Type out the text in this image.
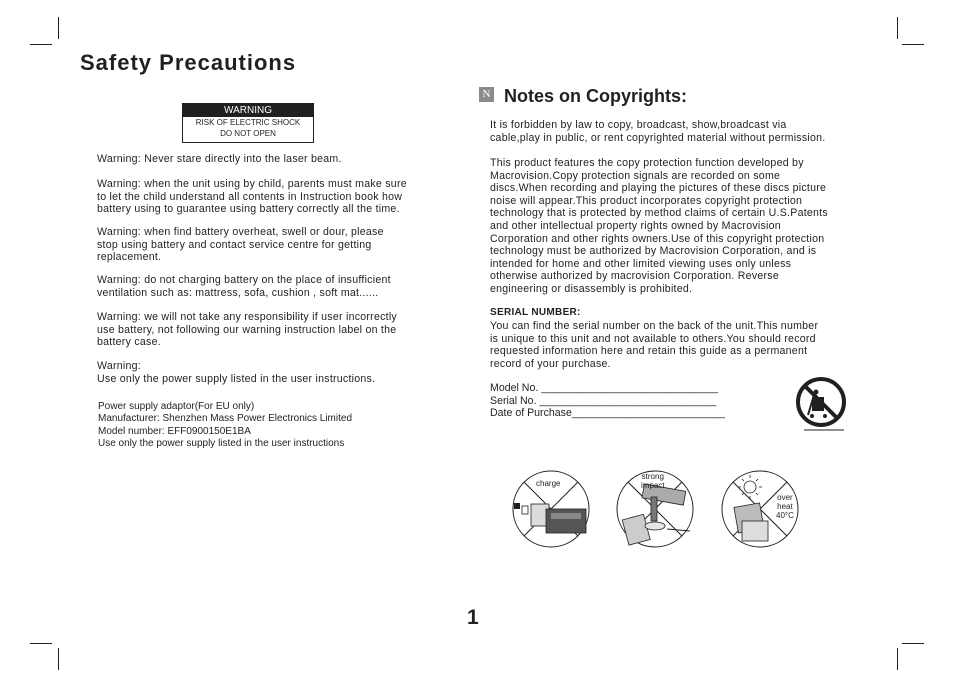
Safety Precautions
WARNING
RISK OF ELECTRIC SHOCK
DO NOT OPEN
Warning: Never stare directly into the laser beam.
Warning: when the unit using by child, parents must make sure
to let the child understand all contents in Instruction book how
battery using to guarantee using battery correctly all the time.
Warning: when find battery overheat, swell or dour, please
stop using battery and contact service centre for getting
replacement.
Warning: do not charging battery on the place of insufficient
ventilation such as: mattress, sofa, cushion , soft mat......
Warning: we will not take any responsibility if user incorrectly
use battery, not following our warning instruction label on the
battery case.
Warning:
Use only the power supply listed in the user instructions.
Power supply adaptor(For EU only)
Manufacturer: Shenzhen Mass Power Electronics Limited
Model number: EFF0900150E1BA
Use only the power supply listed in the user instructions
N Notes on Copyrights:
It is forbidden by law to copy, broadcast, show,broadcast via
cable,play in public, or rent copyrighted material without permission.
This product features the copy protection function developed by
Macrovision.Copy protection signals are recorded on some
discs.When recording and playing the pictures of these discs picture
noise will appear.This product incorporates copyright protection
technology that is protected by method claims of certain U.S.Patents
and other intellectual property rights owned by Macrovision
Corporation and other rights owners.Use of this copyright protection
technology must be authorized by Macrovision Corporation, and is
intended for home and other limited viewing uses only unless
otherwise authorized by macrovision Corporation. Reverse
engineering or disassembly is prohibited.
SERIAL NUMBER:
You can find the serial number on the back of the unit.This number
is unique to this unit and not available to others.You should record
requested information here and retain this guide as a permanent
record of your purchase.
Model No. ______________________________
Serial No. ______________________________
Date of Purchase__________________________
charge
strong
impact
over
heat
40°C
1
